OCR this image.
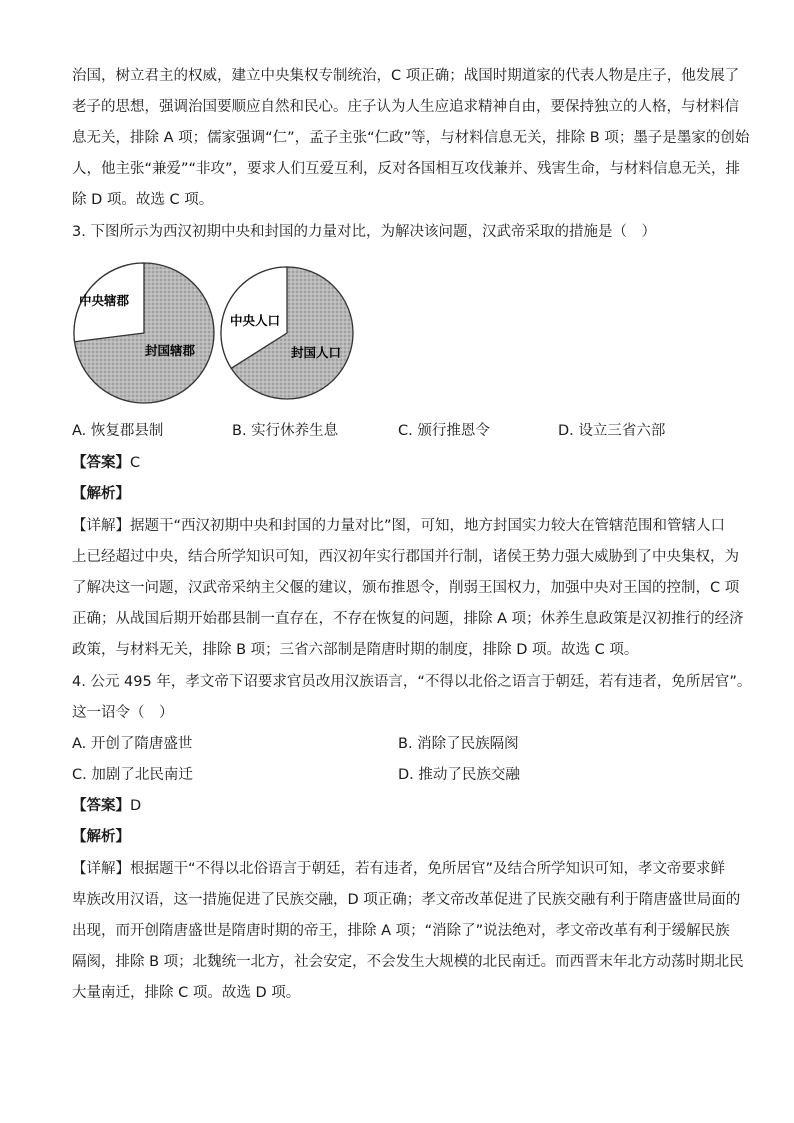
治国，树立君主的权威，建立中央集权专制统治，C 项正确；战国时期道家的代表人物是庄子，他发展了
老子的思想，强调治国要顺应自然和民心。庄子认为人生应追求精神自由，要保持独立的人格，与材料信
息无关，排除 A 项；儒家强调“仁”，孟子主张“仁政”等，与材料信息无关，排除 B 项；墨子是墨家的创始
人，他主张“兼爱”“非攻”，要求人们互爱互利，反对各国相互攻伐兼并、残害生命，与材料信息无关，排
除 D 项。故选 C 项。
3. 下图所示为西汉初期中央和封国的力量对比，为解决该问题，汉武帝采取的措施是（　）
中央辖郡
封国辖郡
中央人口
封国人口
A. 恢复郡县制	B. 实行休养生息	C. 颁行推恩令	D. 设立三省六部
【答案】C
【解析】
【详解】据题干“西汉初期中央和封国的力量对比”图，可知，地方封国实力较大在管辖范围和管辖人口
上已经超过中央，结合所学知识可知，西汉初年实行郡国并行制，诸侯王势力强大威胁到了中央集权，为
了解决这一问题，汉武帝采纳主父偃的建议，颁布推恩令，削弱王国权力，加强中央对王国的控制，C 项
正确；从战国后期开始郡县制一直存在，不存在恢复的问题，排除 A 项；休养生息政策是汉初推行的经济
政策，与材料无关，排除 B 项；三省六部制是隋唐时期的制度，排除 D 项。故选 C 项。
4. 公元 495 年，孝文帝下诏要求官员改用汉族语言，“不得以北俗之语言于朝廷，若有违者，免所居官”。
这一诏令（　）
A. 开创了隋唐盛世	B. 消除了民族隔阂
C. 加剧了北民南迁	D. 推动了民族交融
【答案】D
【解析】
【详解】根据题干“不得以北俗语言于朝廷，若有违者，免所居官”及结合所学知识可知，孝文帝要求鲜
卑族改用汉语，这一措施促进了民族交融，D 项正确；孝文帝改革促进了民族交融有利于隋唐盛世局面的
出现，而开创隋唐盛世是隋唐时期的帝王，排除 A 项；“消除了”说法绝对，孝文帝改革有利于缓解民族
隔阂，排除 B 项；北魏统一北方，社会安定，不会发生大规模的北民南迁。而西晋末年北方动荡时期北民
大量南迁，排除 C 项。故选 D 项。
